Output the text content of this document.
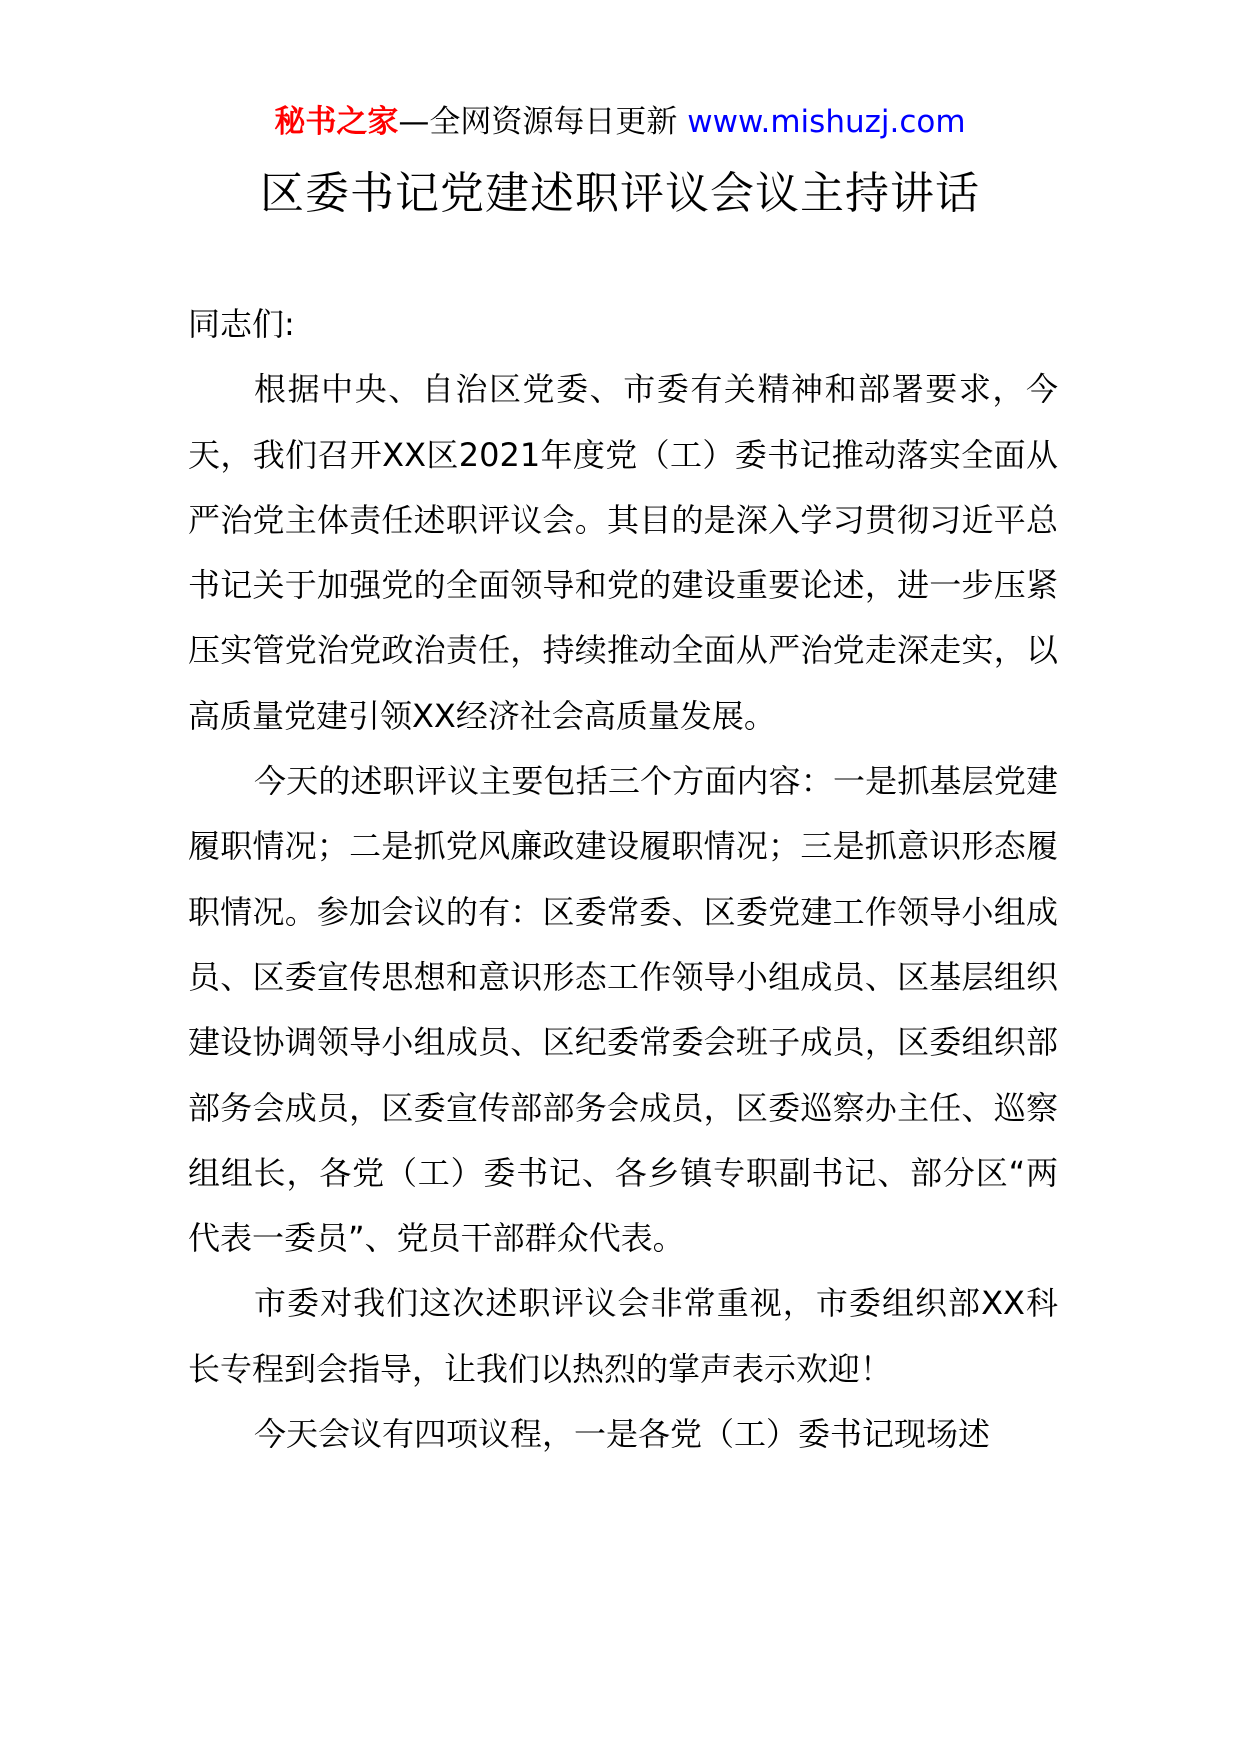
秘书之家—全网资源每日更新 www.mishuzj.com
区委书记党建述职评议会议主持讲话

同志们:

根据中央、自治区党委、市委有关精神和部署要求，今天，我们召开XX区2021年度党（工）委书记推动落实全面从严治党主体责任述职评议会。其目的是深入学习贯彻习近平总书记关于加强党的全面领导和党的建设重要论述，进一步压紧压实管党治党政治责任，持续推动全面从严治党走深走实，以高质量党建引领XX经济社会高质量发展。

今天的述职评议主要包括三个方面内容：一是抓基层党建履职情况；二是抓党风廉政建设履职情况；三是抓意识形态履职情况。参加会议的有：区委常委、区委党建工作领导小组成员、区委宣传思想和意识形态工作领导小组成员、区基层组织建设协调领导小组成员、区纪委常委会班子成员，区委组织部部务会成员，区委宣传部部务会成员，区委巡察办主任、巡察组组长，各党（工）委书记、各乡镇专职副书记、部分区“两代表一委员”、党员干部群众代表。

市委对我们这次述职评议会非常重视，市委组织部XX科长专程到会指导，让我们以热烈的掌声表示欢迎！

今天会议有四项议程，一是各党（工）委书记现场述
